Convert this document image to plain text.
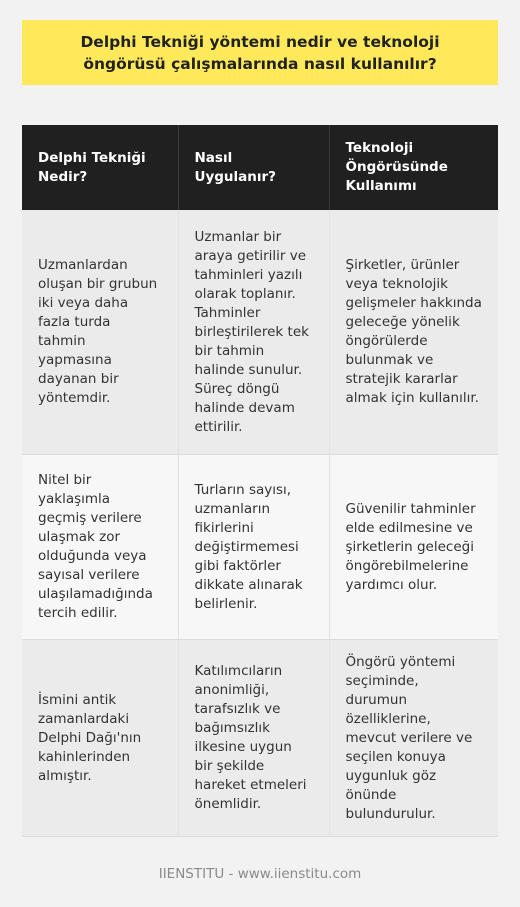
Delphi Tekniği yöntemi nedir ve teknoloji öngörüsü çalışmalarında nasıl kullanılır?
Delphi Tekniği Nedir?	Nasıl Uygulanır?	Teknoloji Öngörüsünde Kullanımı
Uzmanlardan oluşan bir grubun iki veya daha fazla turda tahmin yapmasına dayanan bir yöntemdir.	Uzmanlar bir araya getirilir ve tahminleri yazılı olarak toplanır. Tahminler birleştirilerek tek bir tahmin halinde sunulur. Süreç döngü halinde devam ettirilir.	Şirketler, ürünler veya teknolojik gelişmeler hakkında geleceğe yönelik öngörülerde bulunmak ve stratejik kararlar almak için kullanılır.
Nitel bir yaklaşımla geçmiş verilere ulaşmak zor olduğunda veya sayısal verilere ulaşılamadığında tercih edilir.	Turların sayısı, uzmanların fikirlerini değiştirmemesi gibi faktörler dikkate alınarak belirlenir.	Güvenilir tahminler elde edilmesine ve şirketlerin geleceği öngörebilmelerine yardımcı olur.
İsmini antik zamanlardaki Delphi Dağı'nın kahinlerinden almıştır.	Katılımcıların anonimliği, tarafsızlık ve bağımsızlık ilkesine uygun bir şekilde hareket etmeleri önemlidir.	Öngörü yöntemi seçiminde, durumun özelliklerine, mevcut verilere ve seçilen konuya uygunluk göz önünde bulundurulur.
IIENSTITU - www.iienstitu.com
